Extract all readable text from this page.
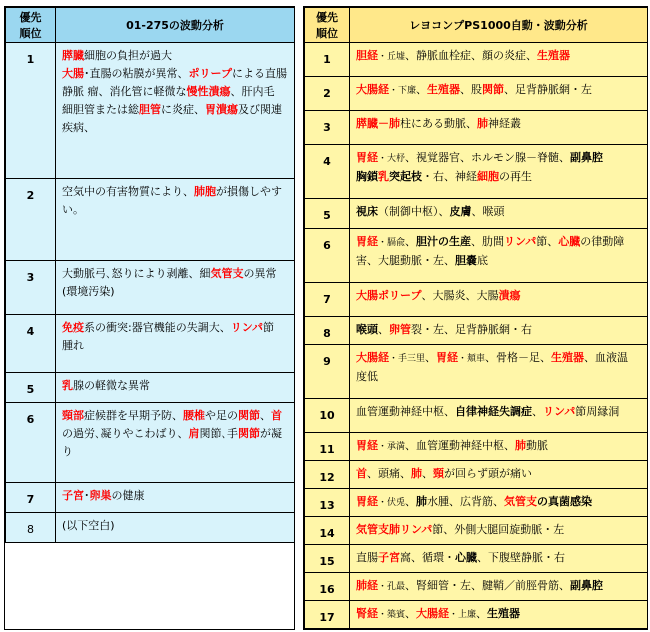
優先
順位	01-275の波動分析
1	膵臓細胞の負担が過大
大腸･直腸の粘膜が異常、ポリープによる直腸
静脈 瘤、消化管に軽微な慢性潰瘍、肝内毛
細胆管または総胆管に炎症、胃潰瘍及び関連
疾病、
2	空気中の有害物質により、肺胞が損傷しやすい。
3	大動脈弓､怒りにより剥離、細気管支の異常
(環境汚染)
4	免疫系の衝突:器官機能の失調大、リンパ節
腫れ
5	乳腺の軽微な異常
6	頸部症候群を早期予防、腰椎や足の関節、首
の過労､凝りやこわばり、肩関節､手関節が凝
り
7	子宮･卵巣の健康
8	(以下空白)
優先
順位	レヨコンプPS1000自動・波動分析
1	胆経・丘墟、静脈血栓症、顔の炎症、生殖器
2	大腸経・下廉、生殖器、股関節、足背静脈網・左
3	膵臓－肺柱にある動脈、肺神経叢
4	胃経・大杼、視覚器官、ホルモン腺－脊髄、副鼻腔
胸鎖乳突起枝・右、神経細胞の再生
5	視床（制御中枢）、皮膚、喉頭
6	胃経・膈兪、胆汁の生産、肋間リンパ節、心臓の律動障
害、大腿動脈・左、胆嚢底
7	大腸ポリープ、大腸炎、大腸潰瘍
8	喉頭、卵管裂・左、足背静脈網・右
9	大腸経・手三里、胃経・頬車、骨格－足、生殖器、血液温
度低
10	血管運動神経中枢、自律神経失調症、リンパ節周縁洞
11	胃経・承満、血管運動神経中枢、肺動脈
12	首、頭痛、肺、頸が回らず頭が痛い
13	胃経・伏兎、肺水腫、広背筋、気管支の真菌感染
14	気管支肺リンパ節、外側大腿回旋動脈・左
15	直腸子宮窩、循環・心臓、下腹壁静脈・右
16	肺経・孔最、腎細管・左、腱鞘／前脛骨筋、副鼻腔
17	腎経・築賓、大腸経・上廉、生殖器
